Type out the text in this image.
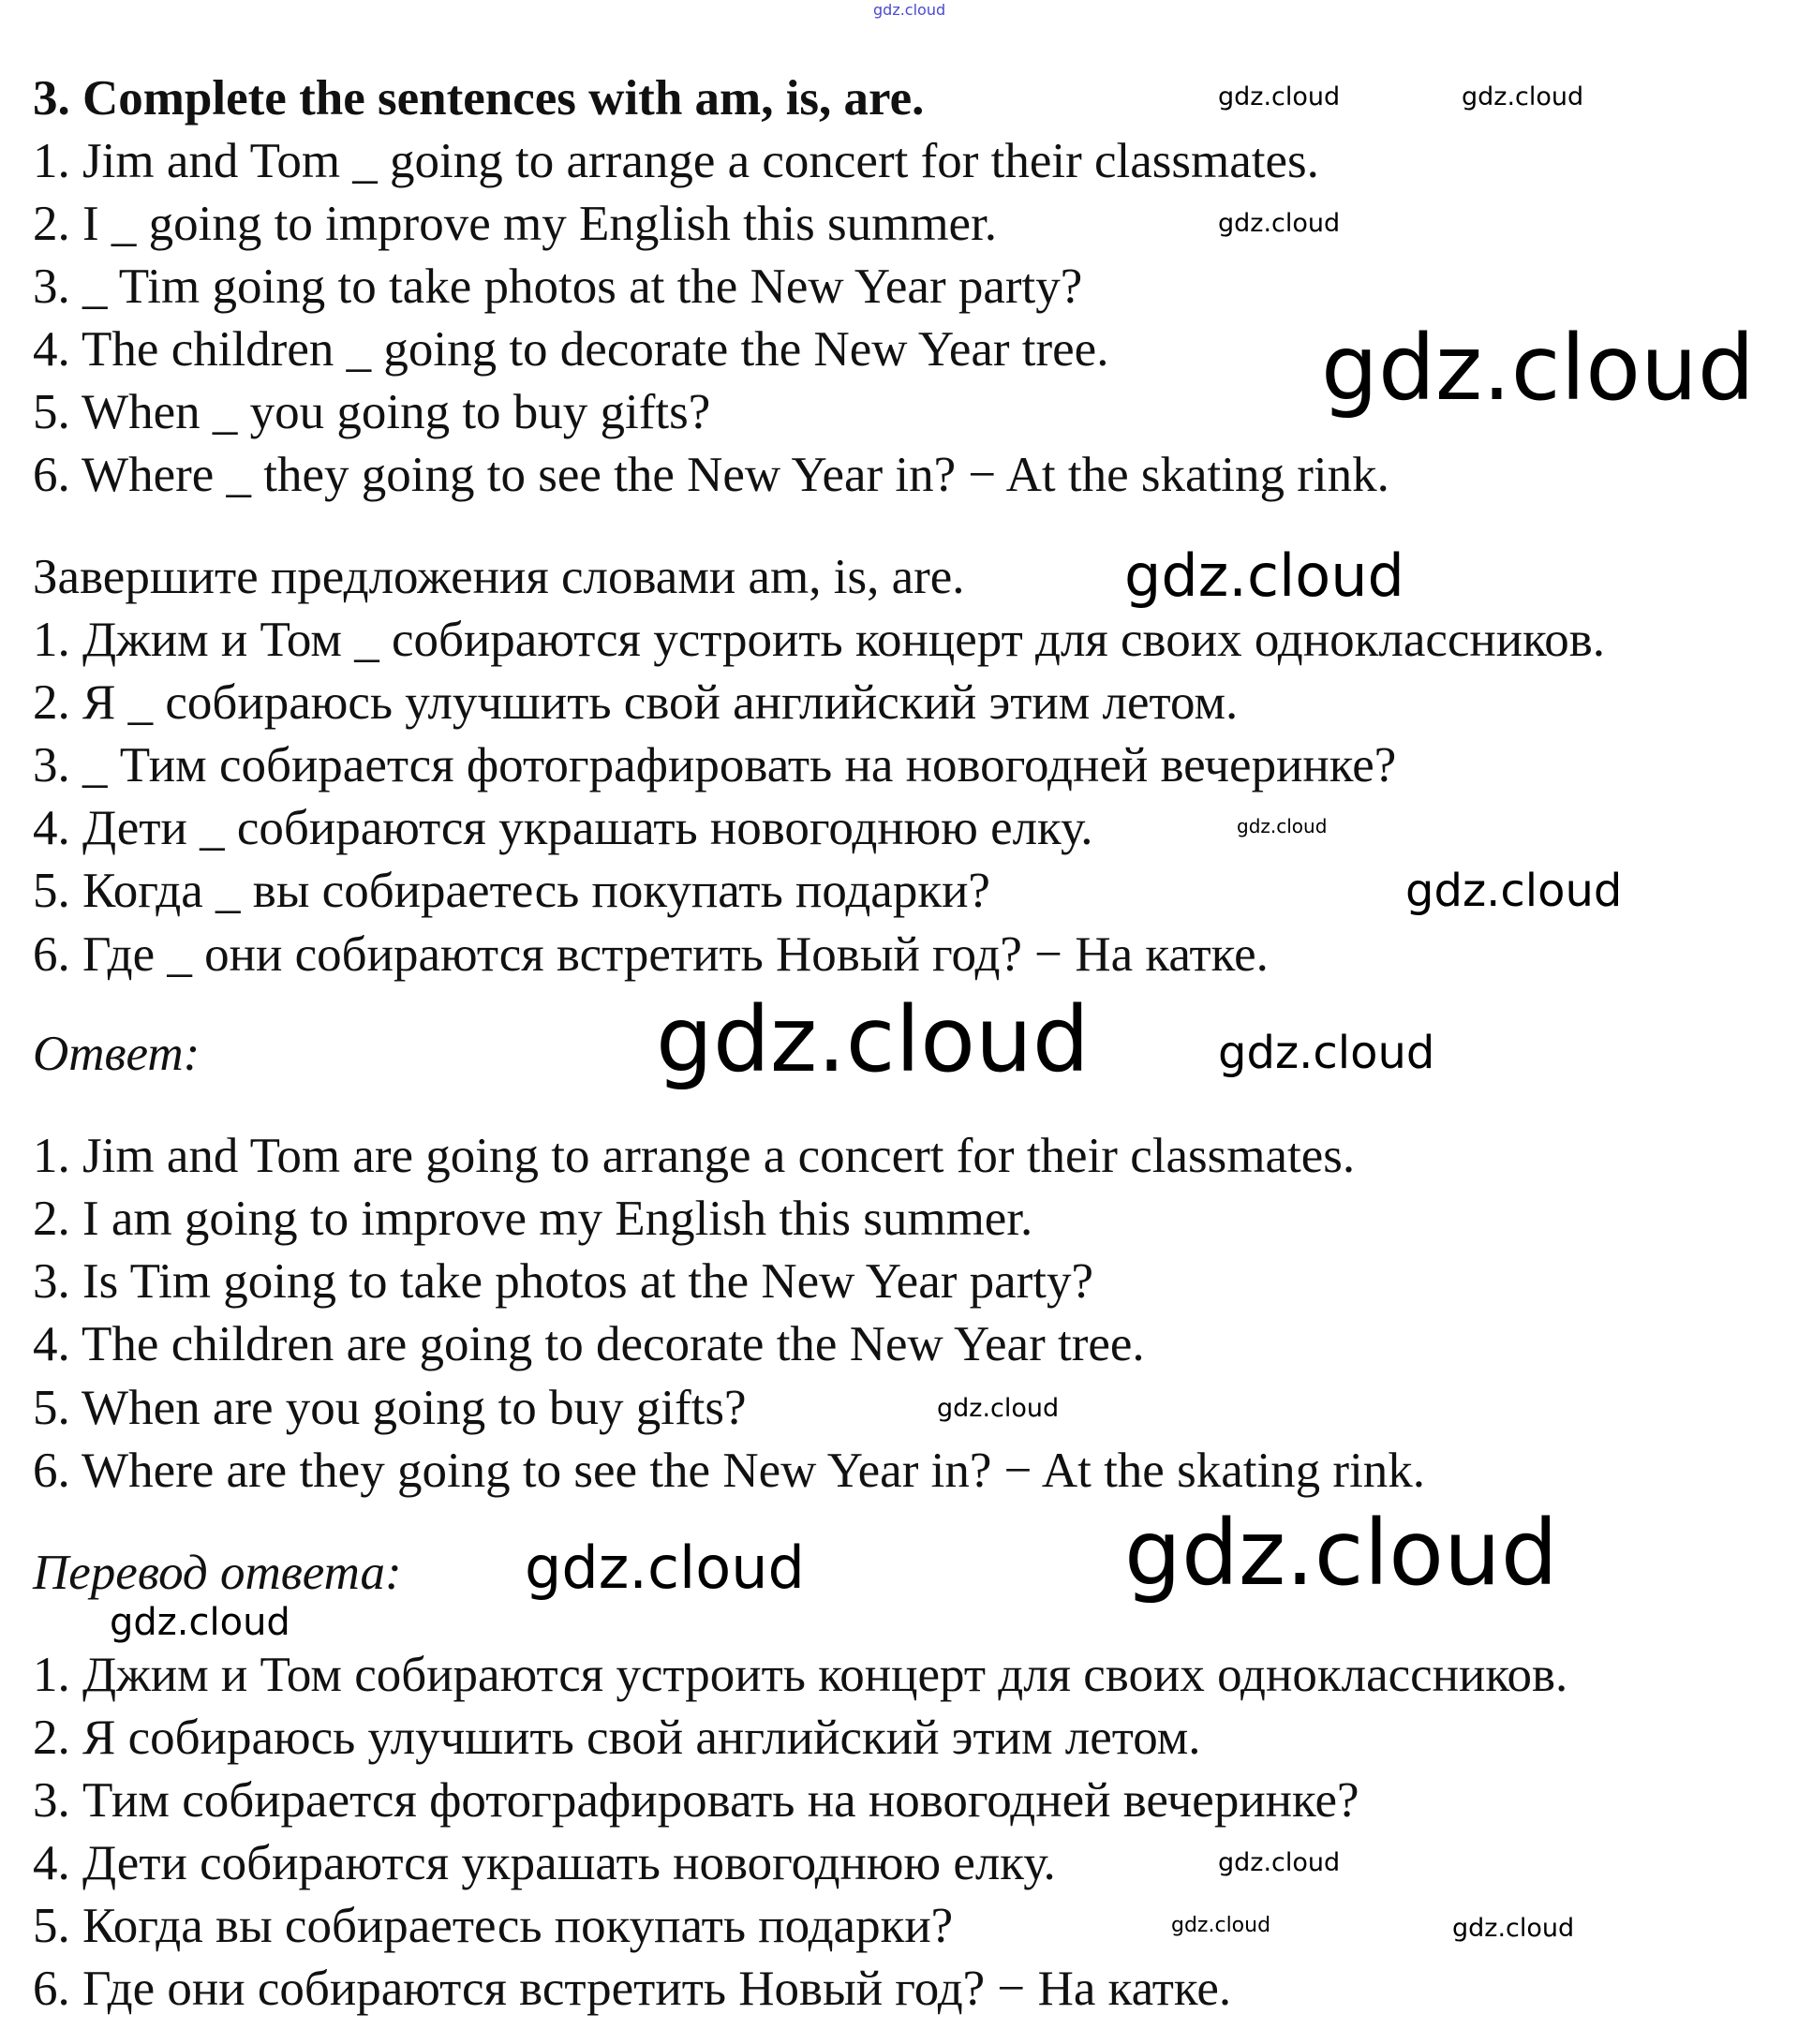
gdz.cloud
3. Complete the sentences with am, is, are.
1. Jim and Tom _ going to arrange a concert for their classmates.
2. I _ going to improve my English this summer.
3. _ Tim going to take photos at the New Year party?
4. The children _ going to decorate the New Year tree.
5. When _ you going to buy gifts?
6. Where _ they going to see the New Year in? − At the skating rink.
Завершите предложения словами am, is, are.
1. Джим и Том _ собираются устроить концерт для своих одноклассников.
2. Я _ собираюсь улучшить свой английский этим летом.
3. _ Тим собирается фотографировать на новогодней вечеринке?
4. Дети _ собираются украшать новогоднюю елку.
5. Когда _ вы собираетесь покупать подарки?
6. Где _ они собираются встретить Новый год? − На катке.
Ответ:
1. Jim and Tom are going to arrange a concert for their classmates.
2. I am going to improve my English this summer.
3. Is Tim going to take photos at the New Year party?
4. The children are going to decorate the New Year tree.
5. When are you going to buy gifts?
6. Where are they going to see the New Year in? − At the skating rink.
Перевод ответа:
1. Джим и Том собираются устроить концерт для своих одноклассников.
2. Я собираюсь улучшить свой английский этим летом.
3. Тим собирается фотографировать на новогодней вечеринке?
4. Дети собираются украшать новогоднюю елку.
5. Когда вы собираетесь покупать подарки?
6. Где они собираются встретить Новый год? − На катке.
gdz.cloud	gdz.cloud
gdz.cloud
gdz.cloud
gdz.cloud
gdz.cloud
gdz.cloud
gdz.cloud	gdz.cloud
gdz.cloud
gdz.cloud	gdz.cloud
gdz.cloud
gdz.cloud
gdz.cloud	gdz.cloud
